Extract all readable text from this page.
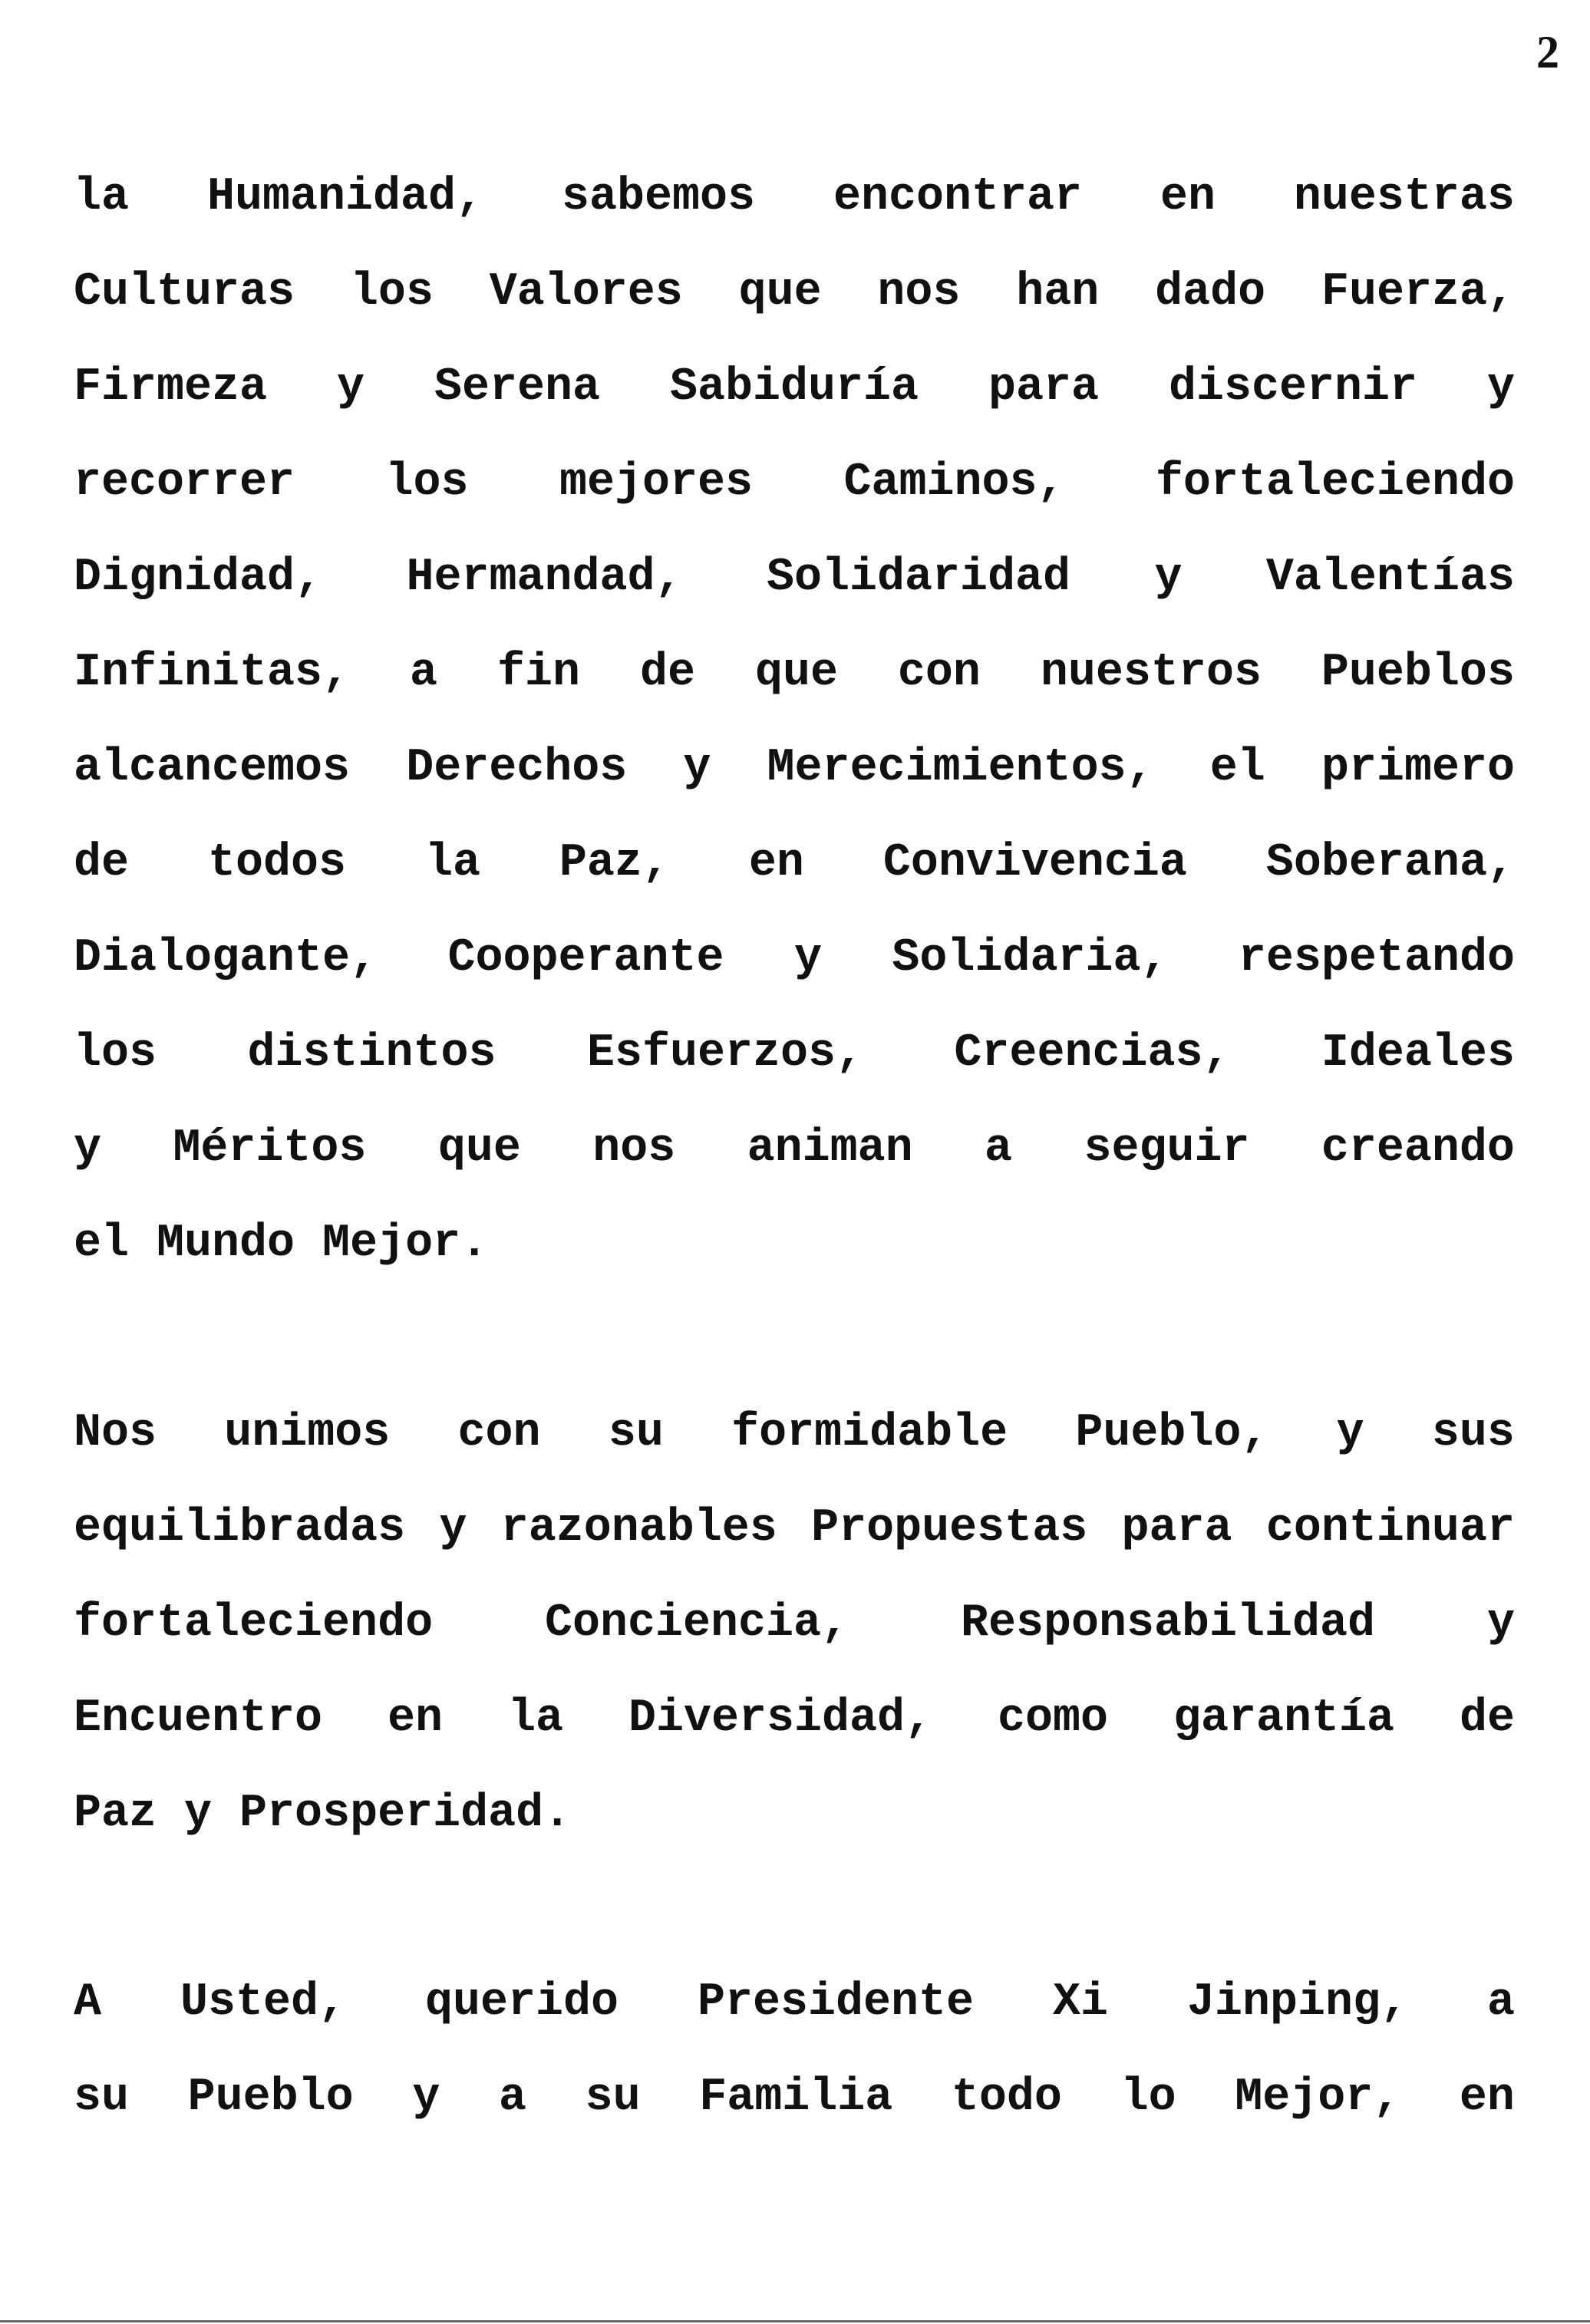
2
la Humanidad, sabemos encontrar en nuestras
Culturas los Valores que nos han dado Fuerza,
Firmeza y Serena Sabiduría para discernir y
recorrer los mejores Caminos, fortaleciendo
Dignidad, Hermandad, Solidaridad y Valentías
Infinitas, a fin de que con nuestros Pueblos
alcancemos Derechos y Merecimientos, el primero
de todos la Paz, en Convivencia Soberana,
Dialogante, Cooperante y Solidaria, respetando
los distintos Esfuerzos, Creencias, Ideales
y Méritos que nos animan a seguir creando
el Mundo Mejor.
Nos unimos con su formidable Pueblo, y sus
equilibradas y razonables Propuestas para continuar
fortaleciendo Conciencia, Responsabilidad y
Encuentro en la Diversidad, como garantía de
Paz y Prosperidad.
A Usted, querido Presidente Xi Jinping, a
su Pueblo y a su Familia todo lo Mejor, en
